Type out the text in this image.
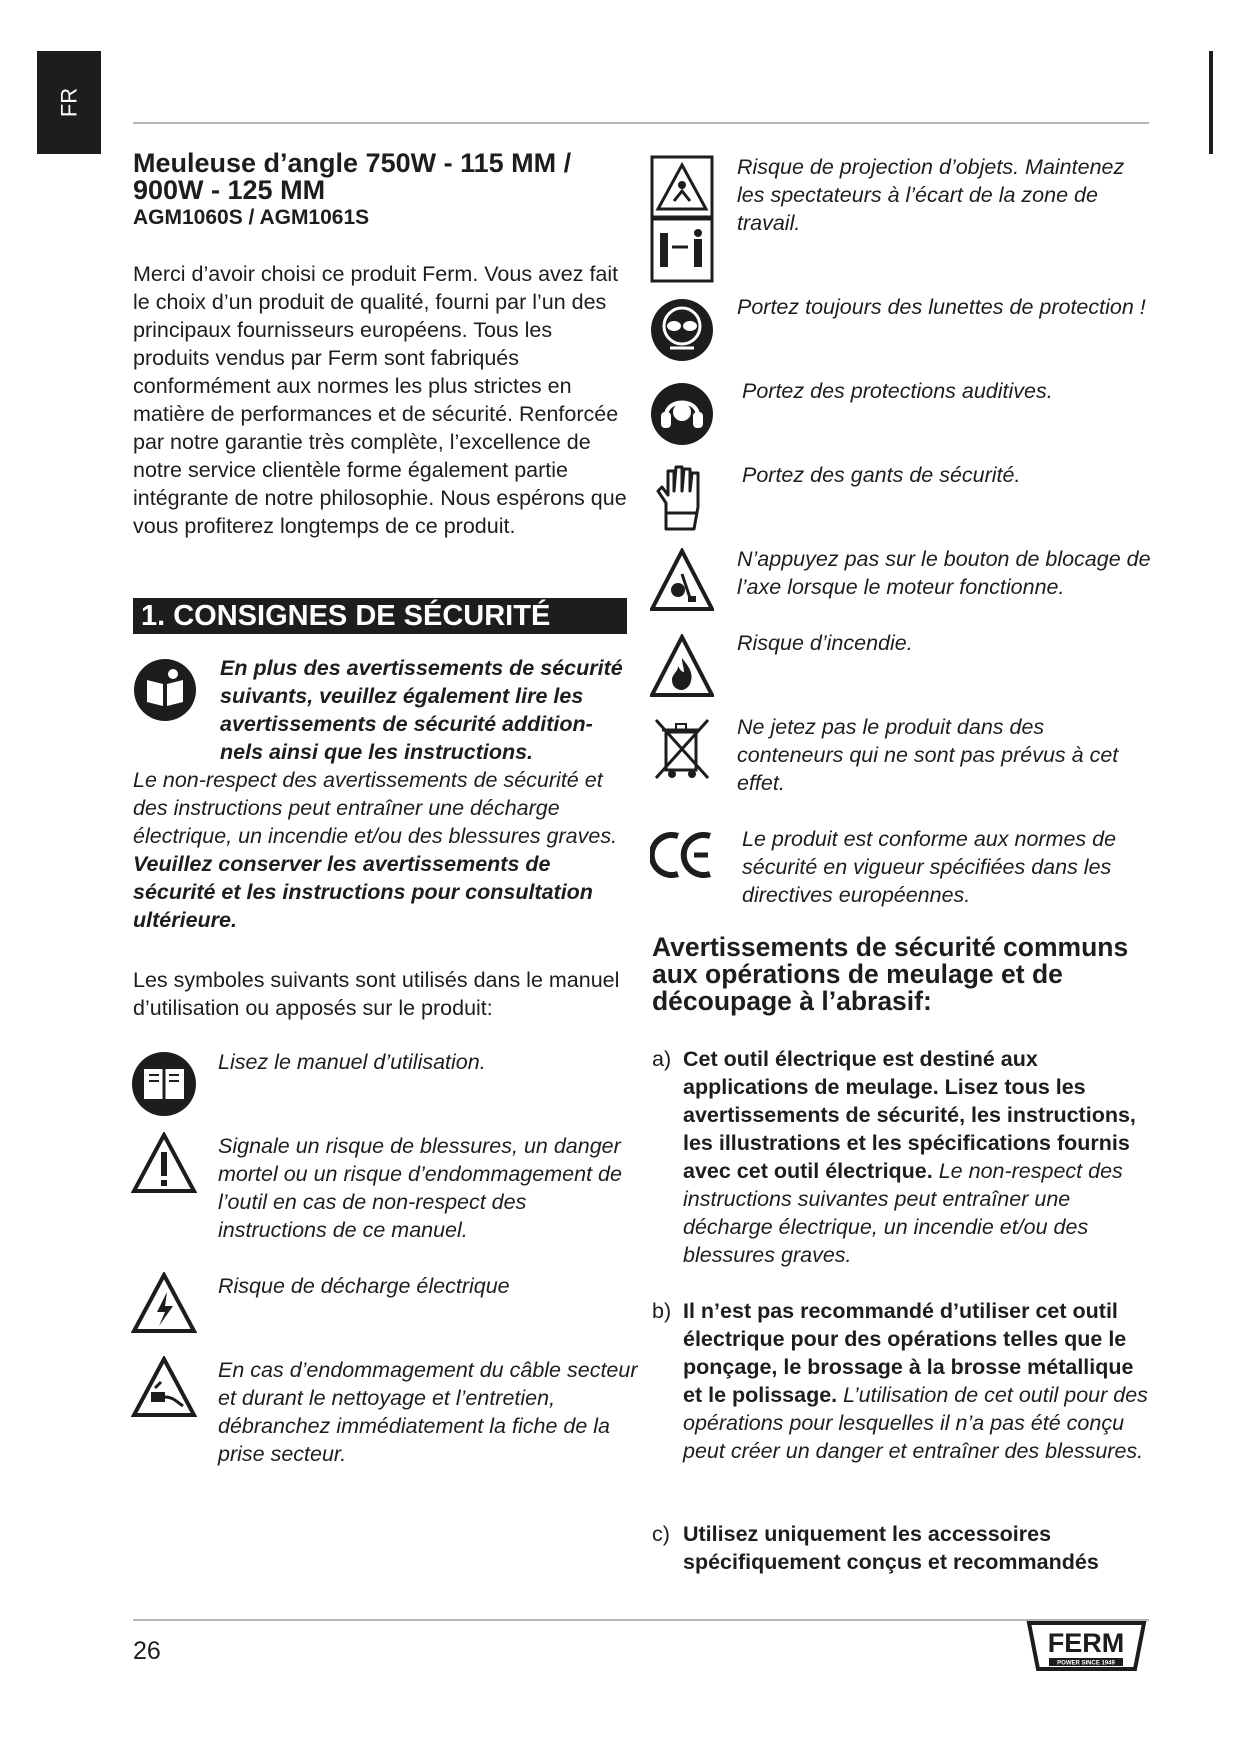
FR
Meuleuse d’angle 750W - 115 MM /
900W - 125 MM
AGM1060S / AGM1061S
Merci d’avoir choisi ce produit Ferm. Vous avez fait le choix d’un produit de qualité, fourni par l’un des principaux fournisseurs européens. Tous les produits vendus par Ferm sont fabriqués conformément aux normes les plus strictes en matière de performances et de sécurité. Renforcée par notre garantie très complète, l’excellence de notre service clientèle forme également partie intégrante de notre philosophie. Nous espérons que vous profiterez longtemps de ce produit.
1. CONSIGNES DE SÉCURITÉ
En plus des avertissements de sécurité suivants, veuillez également lire les avertissements de sécurité addition-nels ainsi que les instructions.
Le non-respect des avertissements de sécurité et des instructions peut entraîner une décharge électrique, un incendie et/ou des blessures graves. Veuillez conserver les avertissements de sécurité et les instructions pour consultation ultérieure.
Les symboles suivants sont utilisés dans le manuel d’utilisation ou apposés sur le produit:
Lisez le manuel d’utilisation.
Signale un risque de blessures, un danger mortel ou un risque d’endommagement de l’outil en cas de non-respect des instructions de ce manuel.
Risque de décharge électrique
En cas d’endommagement du câble secteur et durant le nettoyage et l’entretien, débranchez immédiatement la fiche de la prise secteur.
Risque de projection d’objets. Maintenez les spectateurs à l’écart de la zone de travail.
Portez toujours des lunettes de protection !
Portez des protections auditives.
Portez des gants de sécurité.
N’appuyez pas sur le bouton de blocage de l’axe lorsque le moteur fonctionne.
Risque d’incendie.
Ne jetez pas le produit dans des conteneurs qui ne sont pas prévus à cet effet.
Le produit est conforme aux normes de sécurité en vigueur spécifiées dans les directives européennes.
Avertissements de sécurité communs aux opérations de meulage et de découpage à l’abrasif:
a) Cet outil électrique est destiné aux applications de meulage. Lisez tous les avertissements de sécurité, les instructions, les illustrations et les spécifications fournis avec cet outil électrique. Le non-respect des instructions suivantes peut entraîner une décharge électrique, un incendie et/ou des blessures graves.
b) Il n’est pas recommandé d’utiliser cet outil électrique pour des opérations telles que le ponçage, le brossage à la brosse métallique et le polissage. L’utilisation de cet outil pour des opérations pour lesquelles il n’a pas été conçu peut créer un danger et entraîner des blessures.
c) Utilisez uniquement les accessoires spécifiquement conçus et recommandés
26	FERM
POWER SINCE 1949
